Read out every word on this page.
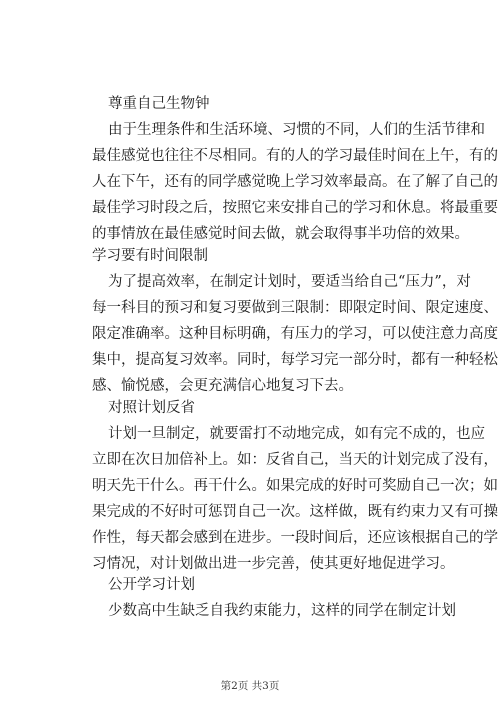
尊重自己生物钟
由于生理条件和生活环境、习惯的不同，人们的生活节律和
最佳感觉也往往不尽相同。有的人的学习最佳时间在上午，有的
人在下午，还有的同学感觉晚上学习效率最高。在了解了自己的
最佳学习时段之后，按照它来安排自己的学习和休息。将最重要
的事情放在最佳感觉时间去做，就会取得事半功倍的效果。
学习要有时间限制
为了提高效率，在制定计划时，要适当给自己“压力”，对
每一科目的预习和复习要做到三限制：即限定时间、限定速度、
限定准确率。这种目标明确，有压力的学习，可以使注意力高度
集中，提高复习效率。同时，每学习完一部分时，都有一种轻松
感、愉悦感，会更充满信心地复习下去。
对照计划反省
计划一旦制定，就要雷打不动地完成，如有完不成的，也应
立即在次日加倍补上。如：反省自己，当天的计划完成了没有，
明天先干什么。再干什么。如果完成的好时可奖励自己一次；如
果完成的不好时可惩罚自己一次。这样做，既有约束力又有可操
作性，每天都会感到在进步。一段时间后，还应该根据自己的学
习情况，对计划做出进一步完善，使其更好地促进学习。
公开学习计划
少数高中生缺乏自我约束能力，这样的同学在制定计划
第2页 共3页
